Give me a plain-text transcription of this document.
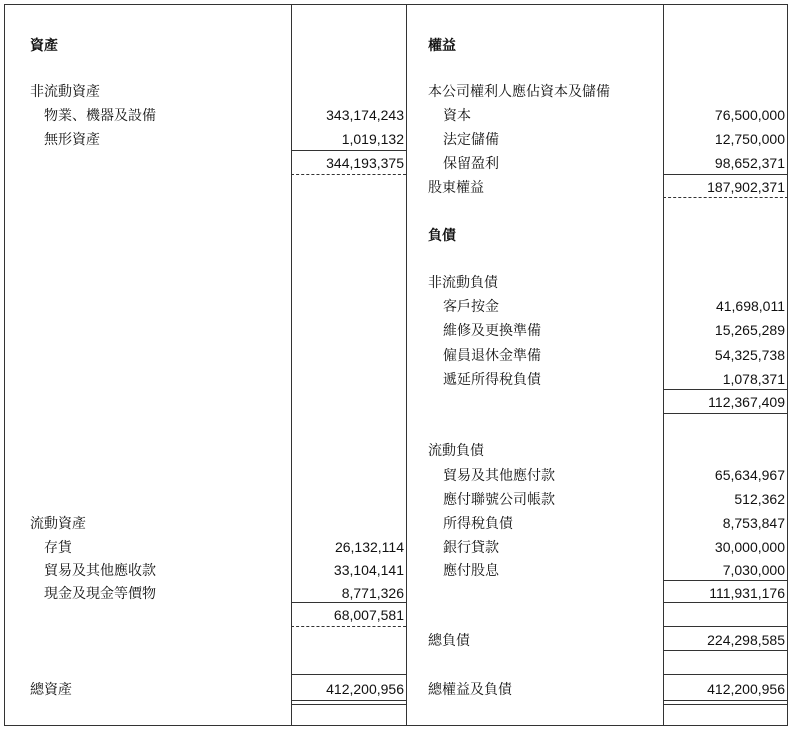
資產
非流動資產
物業、機器及設備	343,174,243
無形資產	1,019,132
344,193,375
流動資產
存貨	26,132,114
貿易及其他應收款	33,104,141
現金及現金等價物	8,771,326
68,007,581
總資產	412,200,956
權益
本公司權利人應佔資本及儲備
資本	76,500,000
法定儲備	12,750,000
保留盈利	98,652,371
股東權益	187,902,371
負債
非流動負債
客戶按金	41,698,011
維修及更換準備	15,265,289
僱員退休金準備	54,325,738
遞延所得稅負債	1,078,371
112,367,409
流動負債
貿易及其他應付款	65,634,967
應付聯號公司帳款	512,362
所得稅負債	8,753,847
銀行貸款	30,000,000
應付股息	7,030,000
111,931,176
總負債	224,298,585
總權益及負債	412,200,956
